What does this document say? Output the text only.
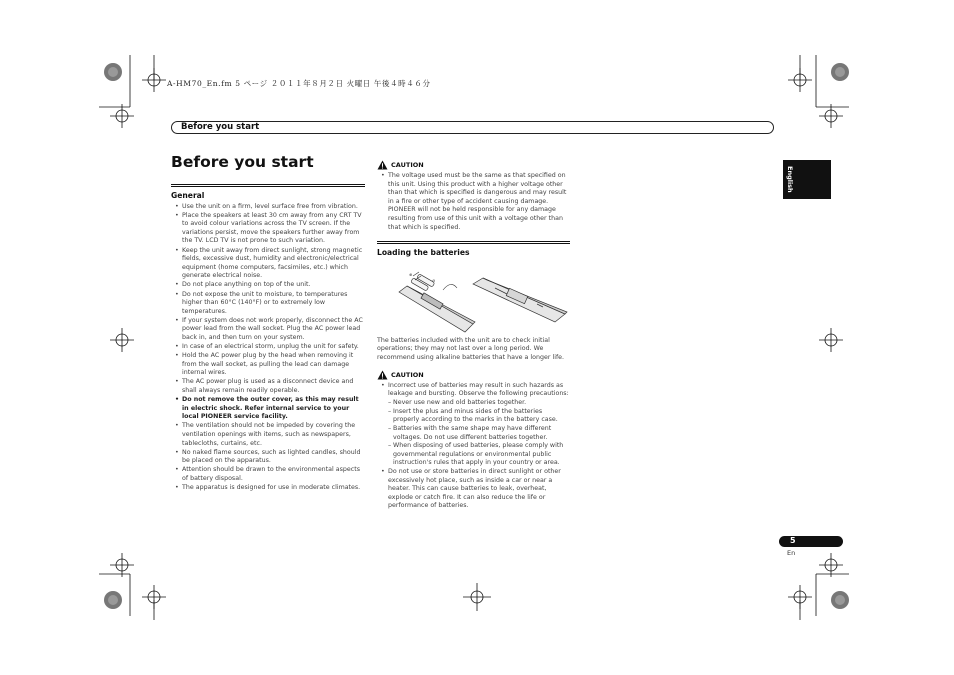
A-HM70_En.fm 5 ページ ２０１１年８月２日 火曜日 午後４時４６分
Before you start
Before you start
English
General
• Use the unit on a firm, level surface free from vibration.
• Place the speakers at least 30 cm away from any CRT TV to avoid colour variations across the TV screen. If the variations persist, move the speakers further away from the TV. LCD TV is not prone to such variation.
• Keep the unit away from direct sunlight, strong magnetic fields, excessive dust, humidity and electronic/electrical equipment (home computers, facsimiles, etc.) which generate electrical noise.
• Do not place anything on top of the unit.
• Do not expose the unit to moisture, to temperatures higher than 60°C (140°F) or to extremely low temperatures.
• If your system does not work properly, disconnect the AC power lead from the wall socket. Plug the AC power lead back in, and then turn on your system.
• In case of an electrical storm, unplug the unit for safety.
• Hold the AC power plug by the head when removing it from the wall socket, as pulling the lead can damage internal wires.
• The AC power plug is used as a disconnect device and shall always remain readily operable.
• Do not remove the outer cover, as this may result in electric shock. Refer internal service to your local PIONEER service facility.
• The ventilation should not be impeded by covering the ventilation openings with items, such as newspapers, tablecloths, curtains, etc.
• No naked flame sources, such as lighted candles, should be placed on the apparatus.
• Attention should be drawn to the environmental aspects of battery disposal.
• The apparatus is designed for use in moderate climates.
CAUTION
• The voltage used must be the same as that specified on this unit. Using this product with a higher voltage other than that which is specified is dangerous and may result in a fire or other type of accident causing damage. PIONEER will not be held responsible for any damage resulting from use of this unit with a voltage other than that which is specified.
Loading the batteries
⊕
⊖
The batteries included with the unit are to check initial operations; they may not last over a long period. We recommend using alkaline batteries that have a longer life.
CAUTION
• Incorrect use of batteries may result in such hazards as leakage and bursting. Observe the following precautions:
– Never use new and old batteries together.
– Insert the plus and minus sides of the batteries properly according to the marks in the battery case.
– Batteries with the same shape may have different voltages. Do not use different batteries together.
– When disposing of used batteries, please comply with governmental regulations or environmental public instruction's rules that apply in your country or area.
• Do not use or store batteries in direct sunlight or other excessively hot place, such as inside a car or near a heater. This can cause batteries to leak, overheat, explode or catch fire. It can also reduce the life or performance of batteries.
5
En
